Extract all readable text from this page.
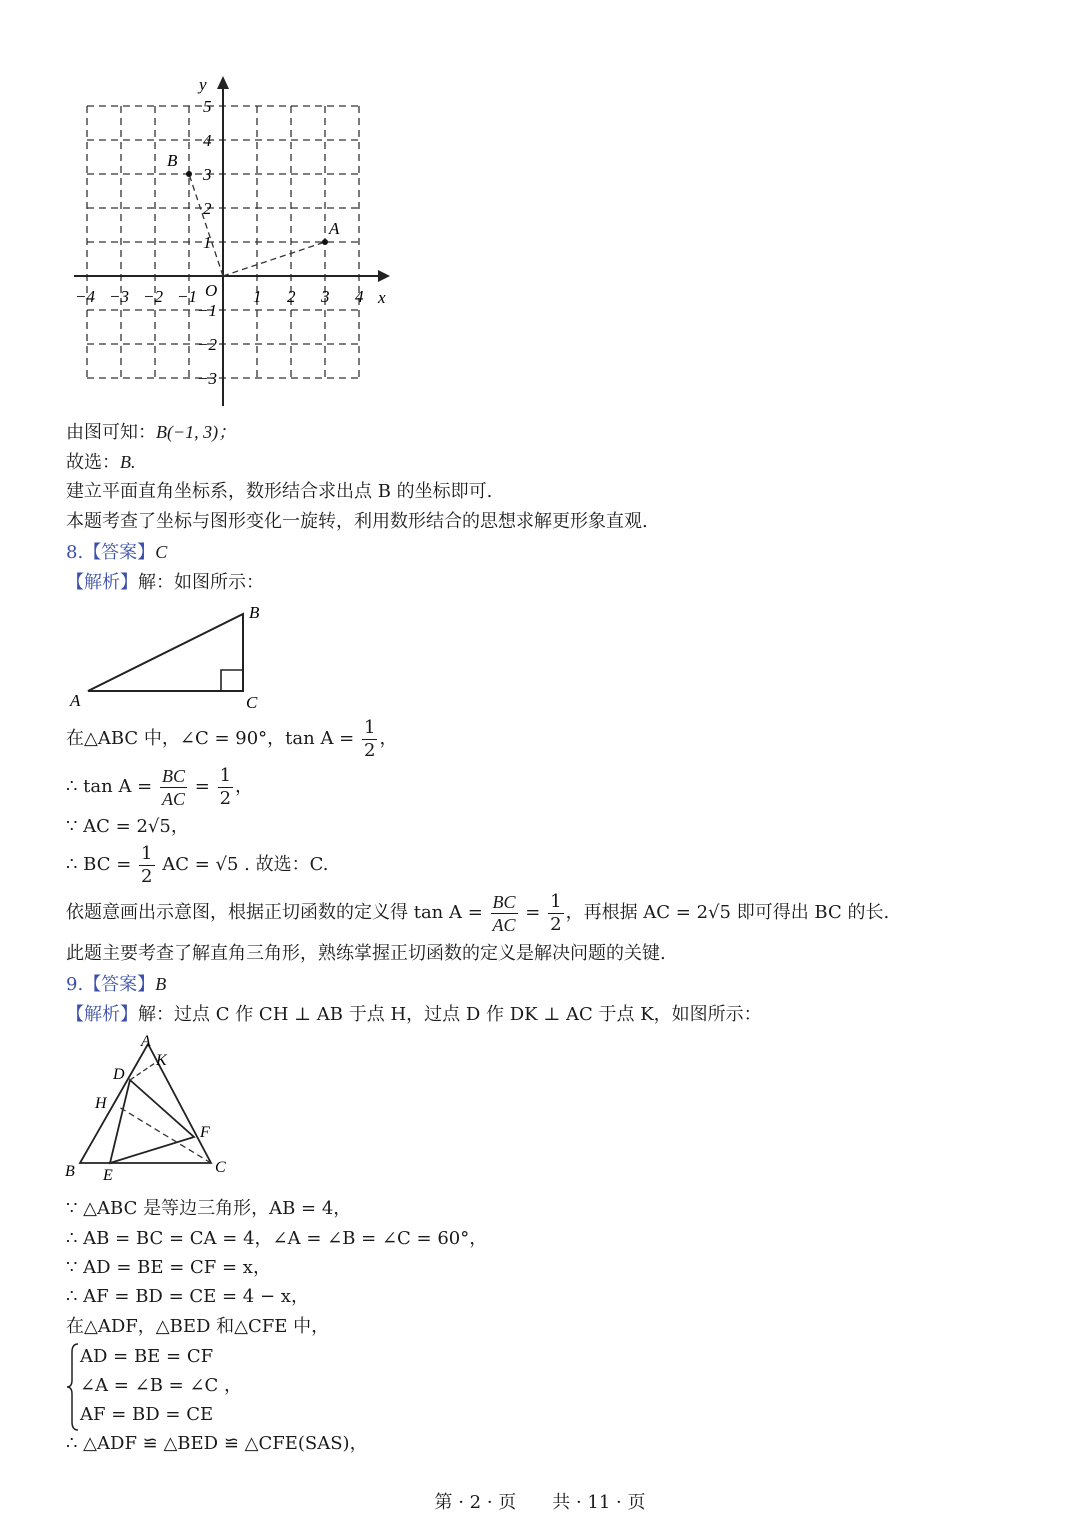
y
x
O
−4 −3 −2 −1	1 2 3 4
5
4
3
2
1
−1
−2
−3
B
A
由图可知：B(−1, 3)；
故选：B.
建立平面直角坐标系，数形结合求出点 B 的坐标即可.
本题考查了坐标与图形变化一旋转，利用数形结合的思想求解更形象直观.
8.【答案】C
【解析】解：如图所示：
A
B
C
在△ABC 中，∠C = 90°，$\tan A = \frac{1}{2}$ ，
∴ $\tan A = \frac{BC}{AC} = \frac{1}{2}$ ，
∵ AC = 2√5，
∴ BC = $\frac{1}{2}$ AC = √5 . 故选：C.
依题意画出示意图，根据正切函数的定义得 $\tan A = \frac{BC}{AC} = \frac{1}{2}$ ，再根据 AC = 2√5 即可得出 BC 的长.
此题主要考查了解直角三角形，熟练掌握正切函数的定义是解决问题的关键.
9.【答案】B
【解析】解：过点 C 作 CH ⊥ AB 于点 H，过点 D 作 DK ⊥ AC 于点 K，如图所示：
A
K
D
H
F
B E	C
∵ △ABC 是等边三角形，AB = 4，
∴ AB = BC = CA = 4，∠A = ∠B = ∠C = 60°，
∵ AD = BE = CF = x，
∴ AF = BD = CE = 4 − x，
在△ADF，△BED 和△CFE 中，
AD = BE = CF
∠A = ∠B = ∠C ，
AF = BD = CE
∴ △ADF ≌ △BED ≌ △CFE(SAS)，
第 · 2 · 页　　共 · 11 · 页
